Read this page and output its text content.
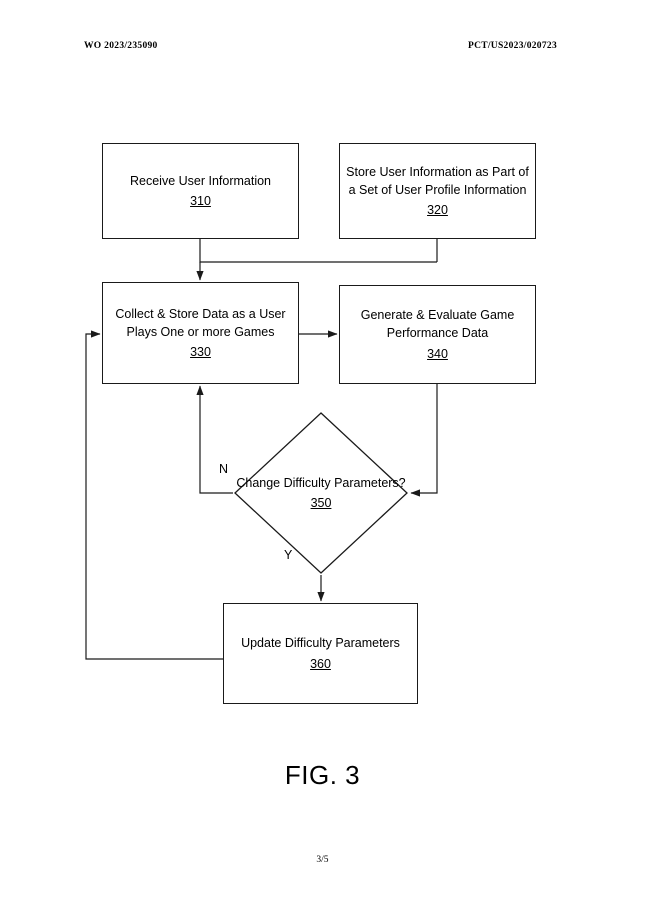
WO 2023/235090	PCT/US2023/020723
Receive User Information
310
Store User Information as Part of a Set of User Profile Information
320
Collect & Store Data as a User Plays One or more Games
330
Generate & Evaluate Game Performance Data
340
Change Difficulty Parameters?
350
Update Difficulty Parameters
360
N
Y
FIG. 3
3/5
